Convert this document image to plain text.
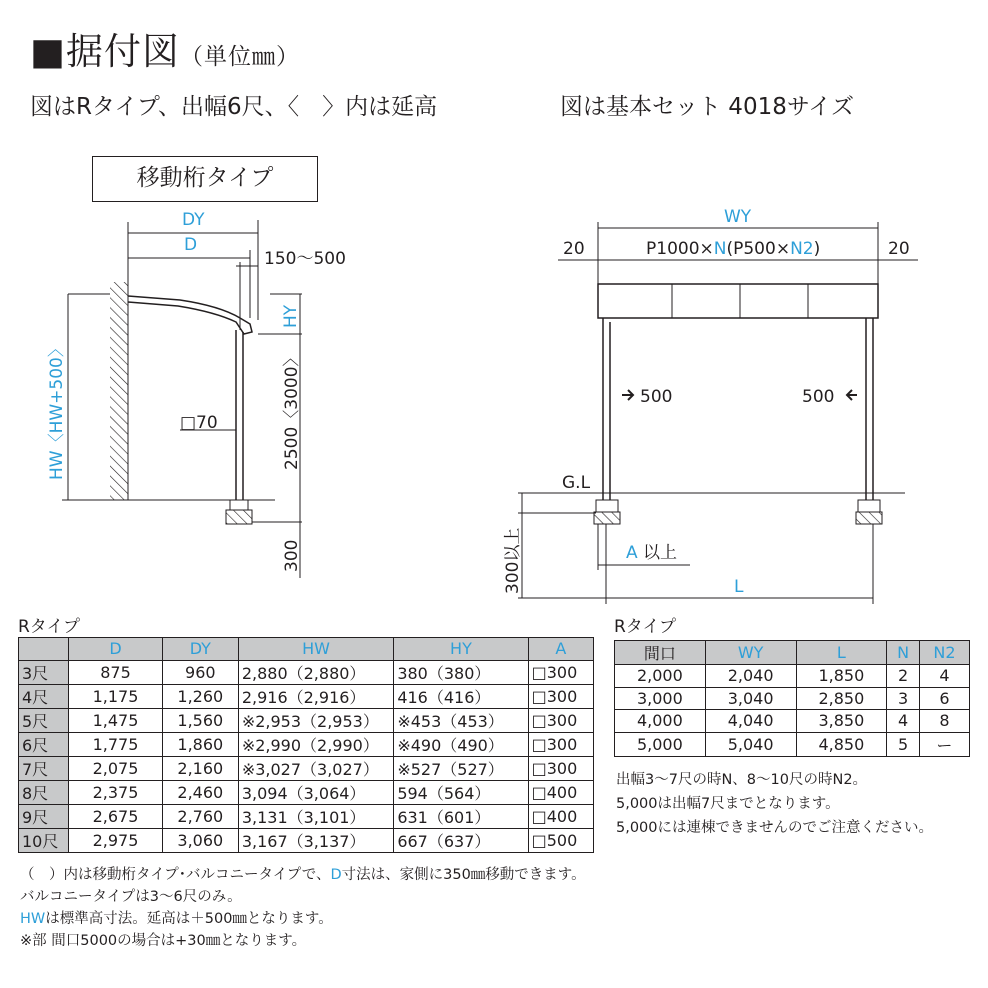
■据付図（単位㎜）
図はRタイプ、出幅6尺、〈　〉内は延高	図は基本セット 4018サイズ
移動桁タイプ
DY
D
150〜500
HY
HW〈HW+500〉	□70	2500〈3000〉
300
WY
20	20
P1000×N(P500×N2)
500	500
G.L
300以上	A 以上
L
Rタイプ	Rタイプ
	D	DY	HW	HY	A
3尺	875	960	2,880（2,880）	380（380）	□300
4尺	1,175	1,260	2,916（2,916）	416（416）	□300
5尺	1,475	1,560	※2,953（2,953）	※453（453）	□300
6尺	1,775	1,860	※2,990（2,990）	※490（490）	□300
7尺	2,075	2,160	※3,027（3,027）	※527（527）	□300
8尺	2,375	2,460	3,094（3,064）	594（564）	□400
9尺	2,675	2,760	3,131（3,101）	631（601）	□400
10尺	2,975	3,060	3,167（3,137）	667（637）	□500
間口	WY	L	N	N2
2,000	2,040	1,850	2	4
3,000	3,040	2,850	3	6
4,000	4,040	3,850	4	8
5,000	5,040	4,850	5	ー
（　）内は移動桁タイプ･バルコニータイプで、D寸法は、家側に350㎜移動できます。
バルコニータイプは3〜6尺のみ。
HWは標準高寸法。延高は＋500㎜となります。
※部 間口5000の場合は+30㎜となります。
出幅3〜7尺の時N、8〜10尺の時N2。
5,000は出幅7尺までとなります。
5,000には連棟できませんのでご注意ください。
